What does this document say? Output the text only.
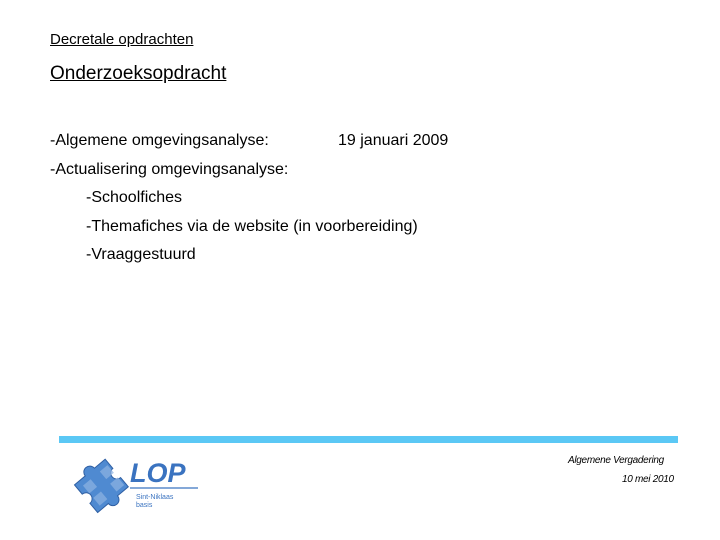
Decretale opdrachten
Onderzoeksopdracht
-Algemene omgevingsanalyse:	19 januari 2009
-Actualisering omgevingsanalyse:
-Schoolfiches
-Themafiches via de website (in voorbereiding)
-Vraaggestuurd
LOP
Sint-Niklaas
basis
Algemene Vergadering
10 mei 2010
